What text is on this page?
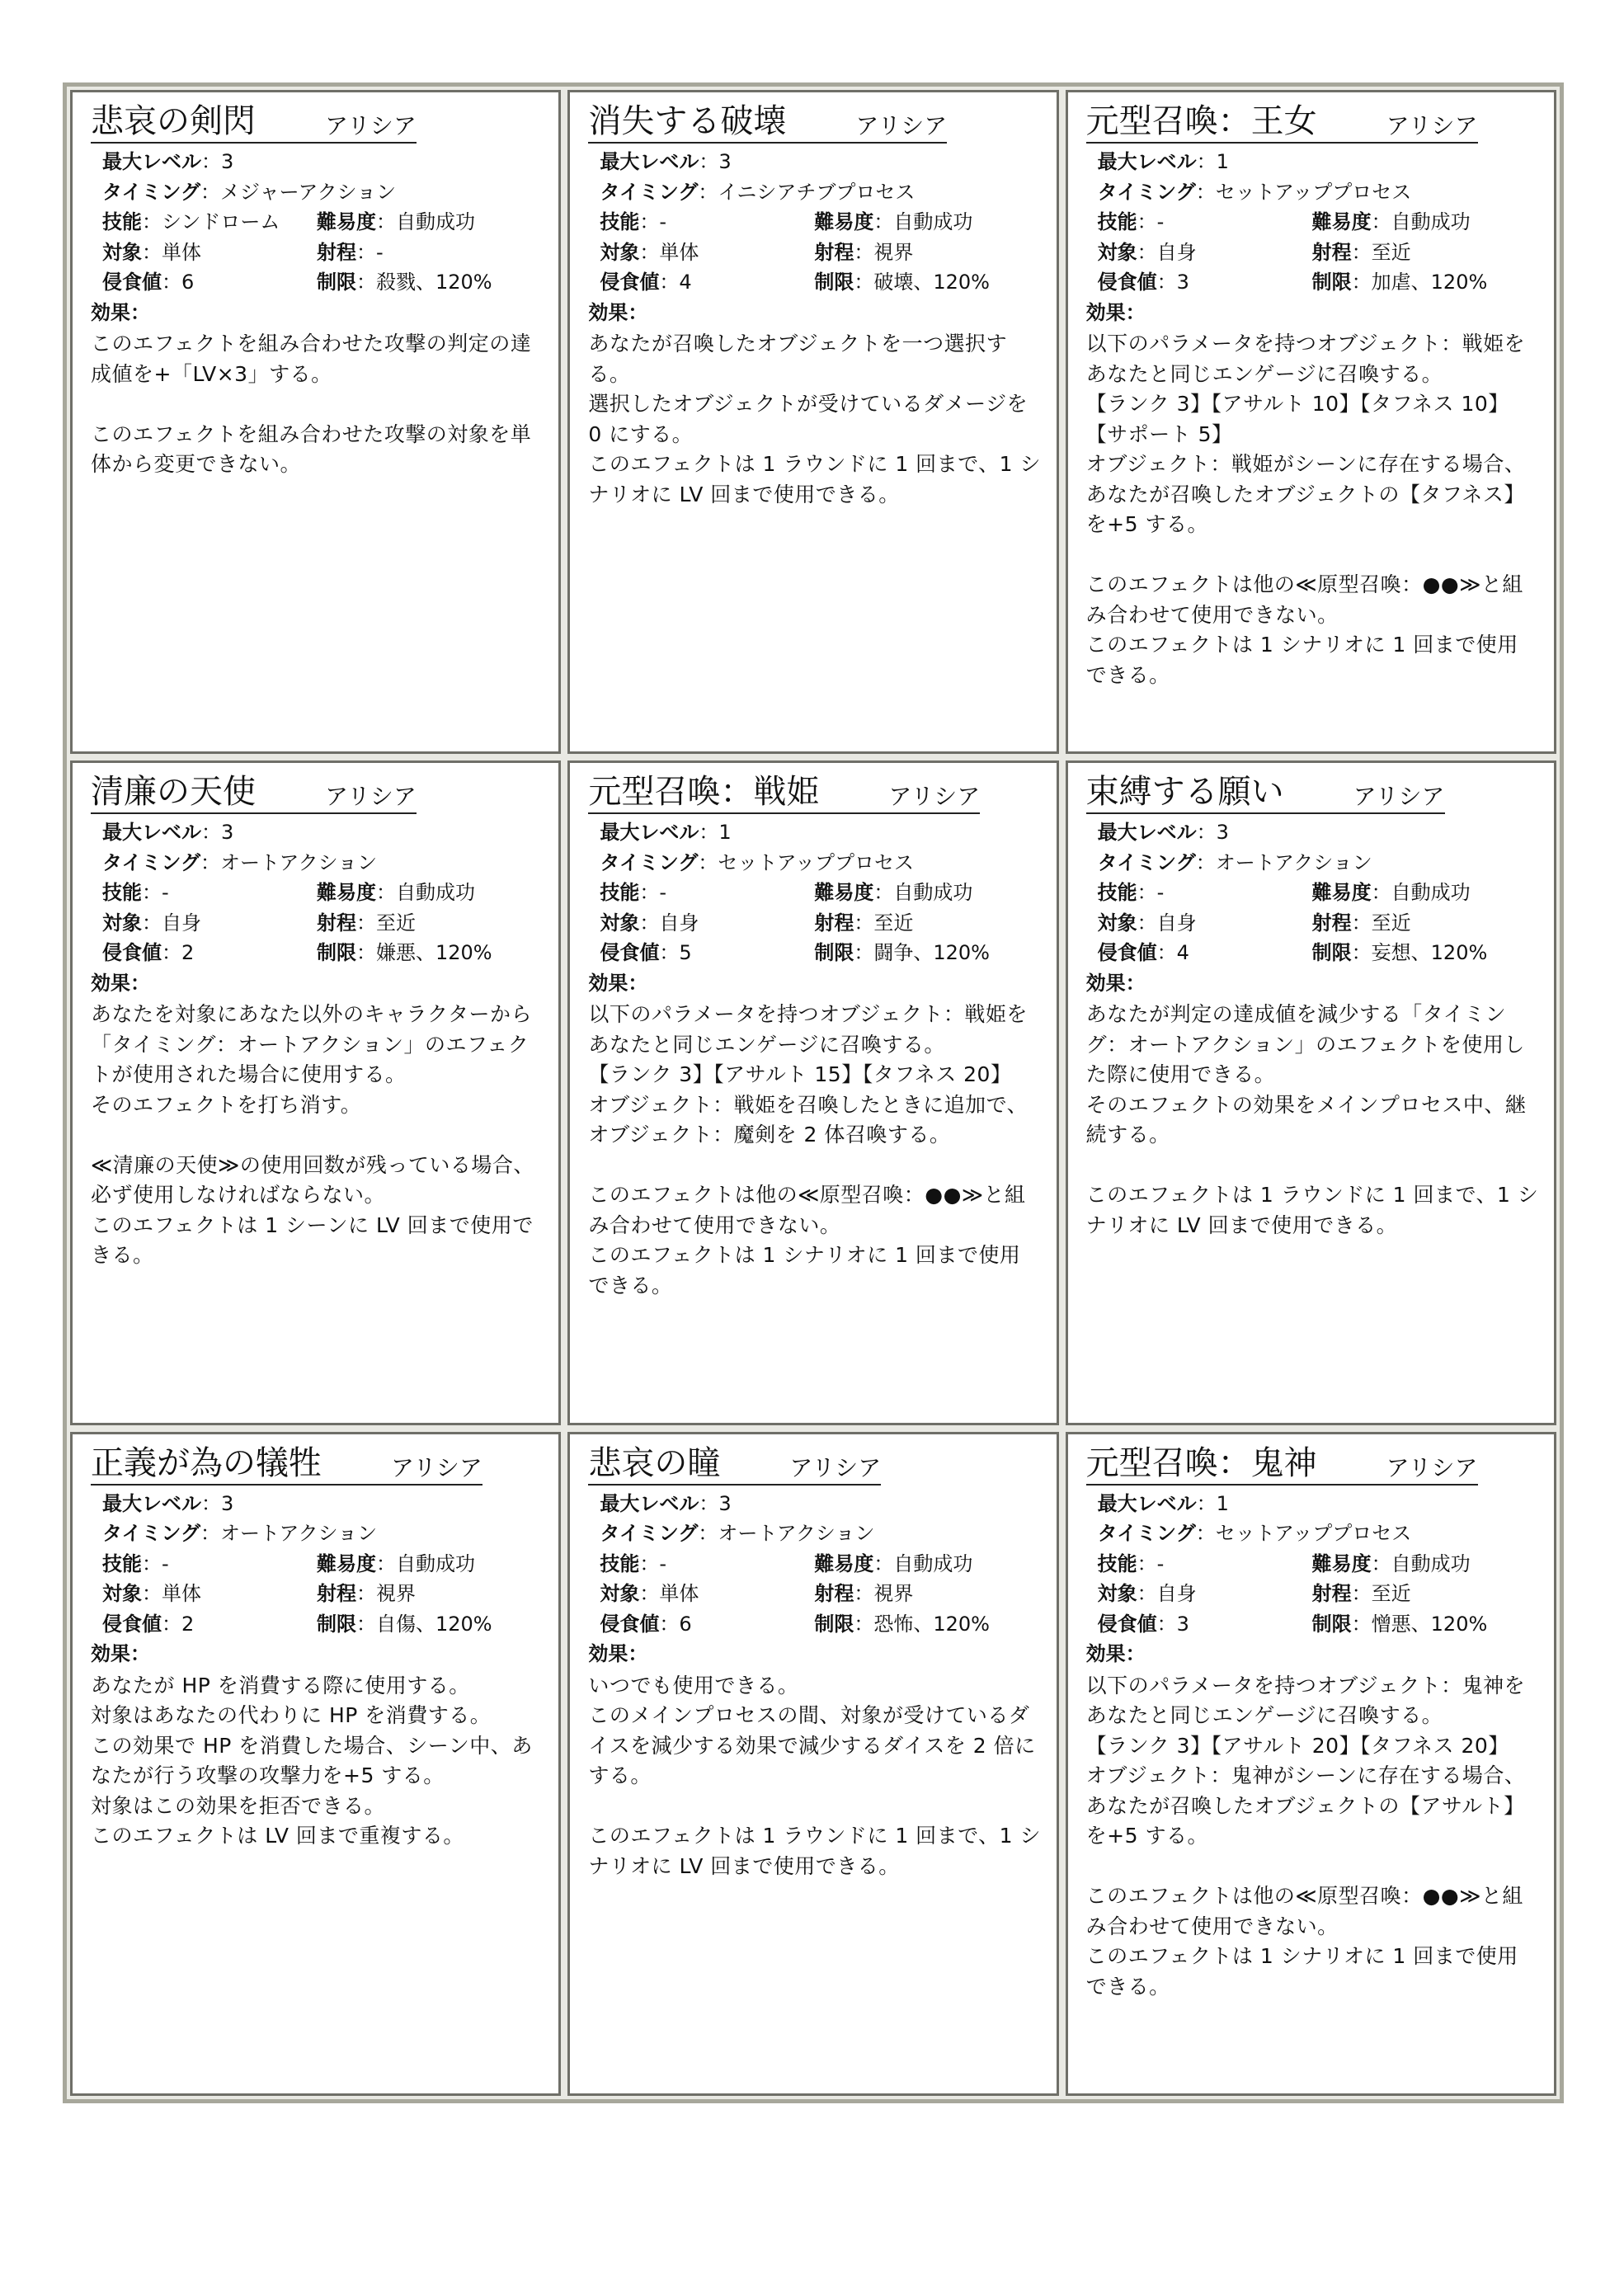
悲哀の剣閃	アリシア
最大レベル：3
タイミング：メジャーアクション
技能：シンドローム	難易度：自動成功
対象：単体	射程：-
侵食値：6	制限：殺戮、120%
効果：

このエフェクトを組み合わせた攻撃の判定の達成値を+「LV×3」する。

このエフェクトを組み合わせた攻撃の対象を単体から変更できない。

消失する破壊	アリシア
最大レベル：3
タイミング：イニシアチブプロセス
技能：-	難易度：自動成功
対象：単体	射程：視界
侵食値：4	制限：破壊、120%
効果：

あなたが召喚したオブジェクトを一つ選択する。

選択したオブジェクトが受けているダメージを 0 にする。

このエフェクトは 1 ラウンドに 1 回まで、1 シナリオに LV 回まで使用できる。

元型召喚：王女	アリシア
最大レベル：1
タイミング：セットアッププロセス
技能：-	難易度：自動成功
対象：自身	射程：至近
侵食値：3	制限：加虐、120%
効果：

以下のパラメータを持つオブジェクト：戦姫をあなたと同じエンゲージに召喚する。

【ランク 3】【アサルト 10】【タフネス 10】【サポート 5】

オブジェクト：戦姫がシーンに存在する場合、あなたが召喚したオブジェクトの【タフネス】を+5 する。

このエフェクトは他の≪原型召喚：●●≫と組み合わせて使用できない。

このエフェクトは 1 シナリオに 1 回まで使用できる。

清廉の天使	アリシア
最大レベル：3
タイミング：オートアクション
技能：-	難易度：自動成功
対象：自身	射程：至近
侵食値：2	制限：嫌悪、120%
効果：

あなたを対象にあなた以外のキャラクターから「タイミング：オートアクション」のエフェクトが使用された場合に使用する。

そのエフェクトを打ち消す。

≪清廉の天使≫の使用回数が残っている場合、必ず使用しなければならない。

このエフェクトは 1 シーンに LV 回まで使用できる。

元型召喚：戦姫	アリシア
最大レベル：1
タイミング：セットアッププロセス
技能：-	難易度：自動成功
対象：自身	射程：至近
侵食値：5	制限：闘争、120%
効果：

以下のパラメータを持つオブジェクト：戦姫をあなたと同じエンゲージに召喚する。

【ランク 3】【アサルト 15】【タフネス 20】

オブジェクト：戦姫を召喚したときに追加で、オブジェクト：魔剣を 2 体召喚する。

このエフェクトは他の≪原型召喚：●●≫と組み合わせて使用できない。

このエフェクトは 1 シナリオに 1 回まで使用できる。

束縛する願い	アリシア
最大レベル：3
タイミング：オートアクション
技能：-	難易度：自動成功
対象：自身	射程：至近
侵食値：4	制限：妄想、120%
効果：

あなたが判定の達成値を減少する「タイミング：オートアクション」のエフェクトを使用した際に使用できる。

そのエフェクトの効果をメインプロセス中、継続する。

このエフェクトは 1 ラウンドに 1 回まで、1 シナリオに LV 回まで使用できる。

正義が為の犠牲	アリシア
最大レベル：3
タイミング：オートアクション
技能：-	難易度：自動成功
対象：単体	射程：視界
侵食値：2	制限：自傷、120%
効果：

あなたが HP を消費する際に使用する。

対象はあなたの代わりに HP を消費する。

この効果で HP を消費した場合、シーン中、あなたが行う攻撃の攻撃力を+5 する。

対象はこの効果を拒否できる。

このエフェクトは LV 回まで重複する。

悲哀の瞳	アリシア
最大レベル：3
タイミング：オートアクション
技能：-	難易度：自動成功
対象：単体	射程：視界
侵食値：6	制限：恐怖、120%
効果：

いつでも使用できる。

このメインプロセスの間、対象が受けているダイスを減少する効果で減少するダイスを 2 倍にする。

このエフェクトは 1 ラウンドに 1 回まで、1 シナリオに LV 回まで使用できる。

元型召喚：鬼神	アリシア
最大レベル：1
タイミング：セットアッププロセス
技能：-	難易度：自動成功
対象：自身	射程：至近
侵食値：3	制限：憎悪、120%
効果：

以下のパラメータを持つオブジェクト：鬼神をあなたと同じエンゲージに召喚する。

【ランク 3】【アサルト 20】【タフネス 20】

オブジェクト：鬼神がシーンに存在する場合、あなたが召喚したオブジェクトの【アサルト】を+5 する。

このエフェクトは他の≪原型召喚：●●≫と組み合わせて使用できない。

このエフェクトは 1 シナリオに 1 回まで使用できる。
